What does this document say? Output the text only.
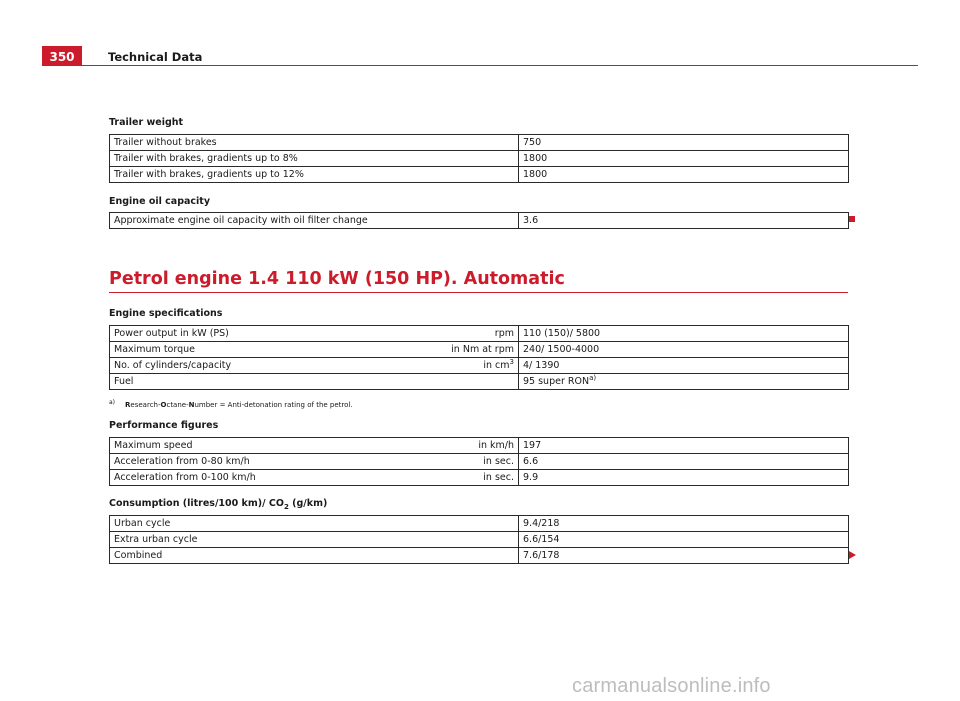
350	Technical Data
Trailer weight
Trailer without brakes	750
Trailer with brakes, gradients up to 8%	1800
Trailer with brakes, gradients up to 12%	1800
Engine oil capacity
Approximate engine oil capacity with oil filter change	3.6
Petrol engine 1.4 110 kW (150 HP). Automatic
Engine specifications
Power output in kW (PS) rpm	110 (150)/ 5800
Maximum torque in Nm at rpm	240/ 1500-4000
No. of cylinders/capacity in $cm^3$	4/ 1390
Fuel	95 super RON$^{a)}$
a) Research-Octane-Number = Anti-detonation rating of the petrol.
Performance figures
Maximum speed in km/h	197
Acceleration from 0-80 km/h in sec.	6.6
Acceleration from 0-100 km/h in sec.	9.9
Consumption (litres/100 km)/ $CO_2$ (g/km)
Urban cycle	9.4/218
Extra urban cycle	6.6/154
Combined	7.6/178
carmanualsonline.info
